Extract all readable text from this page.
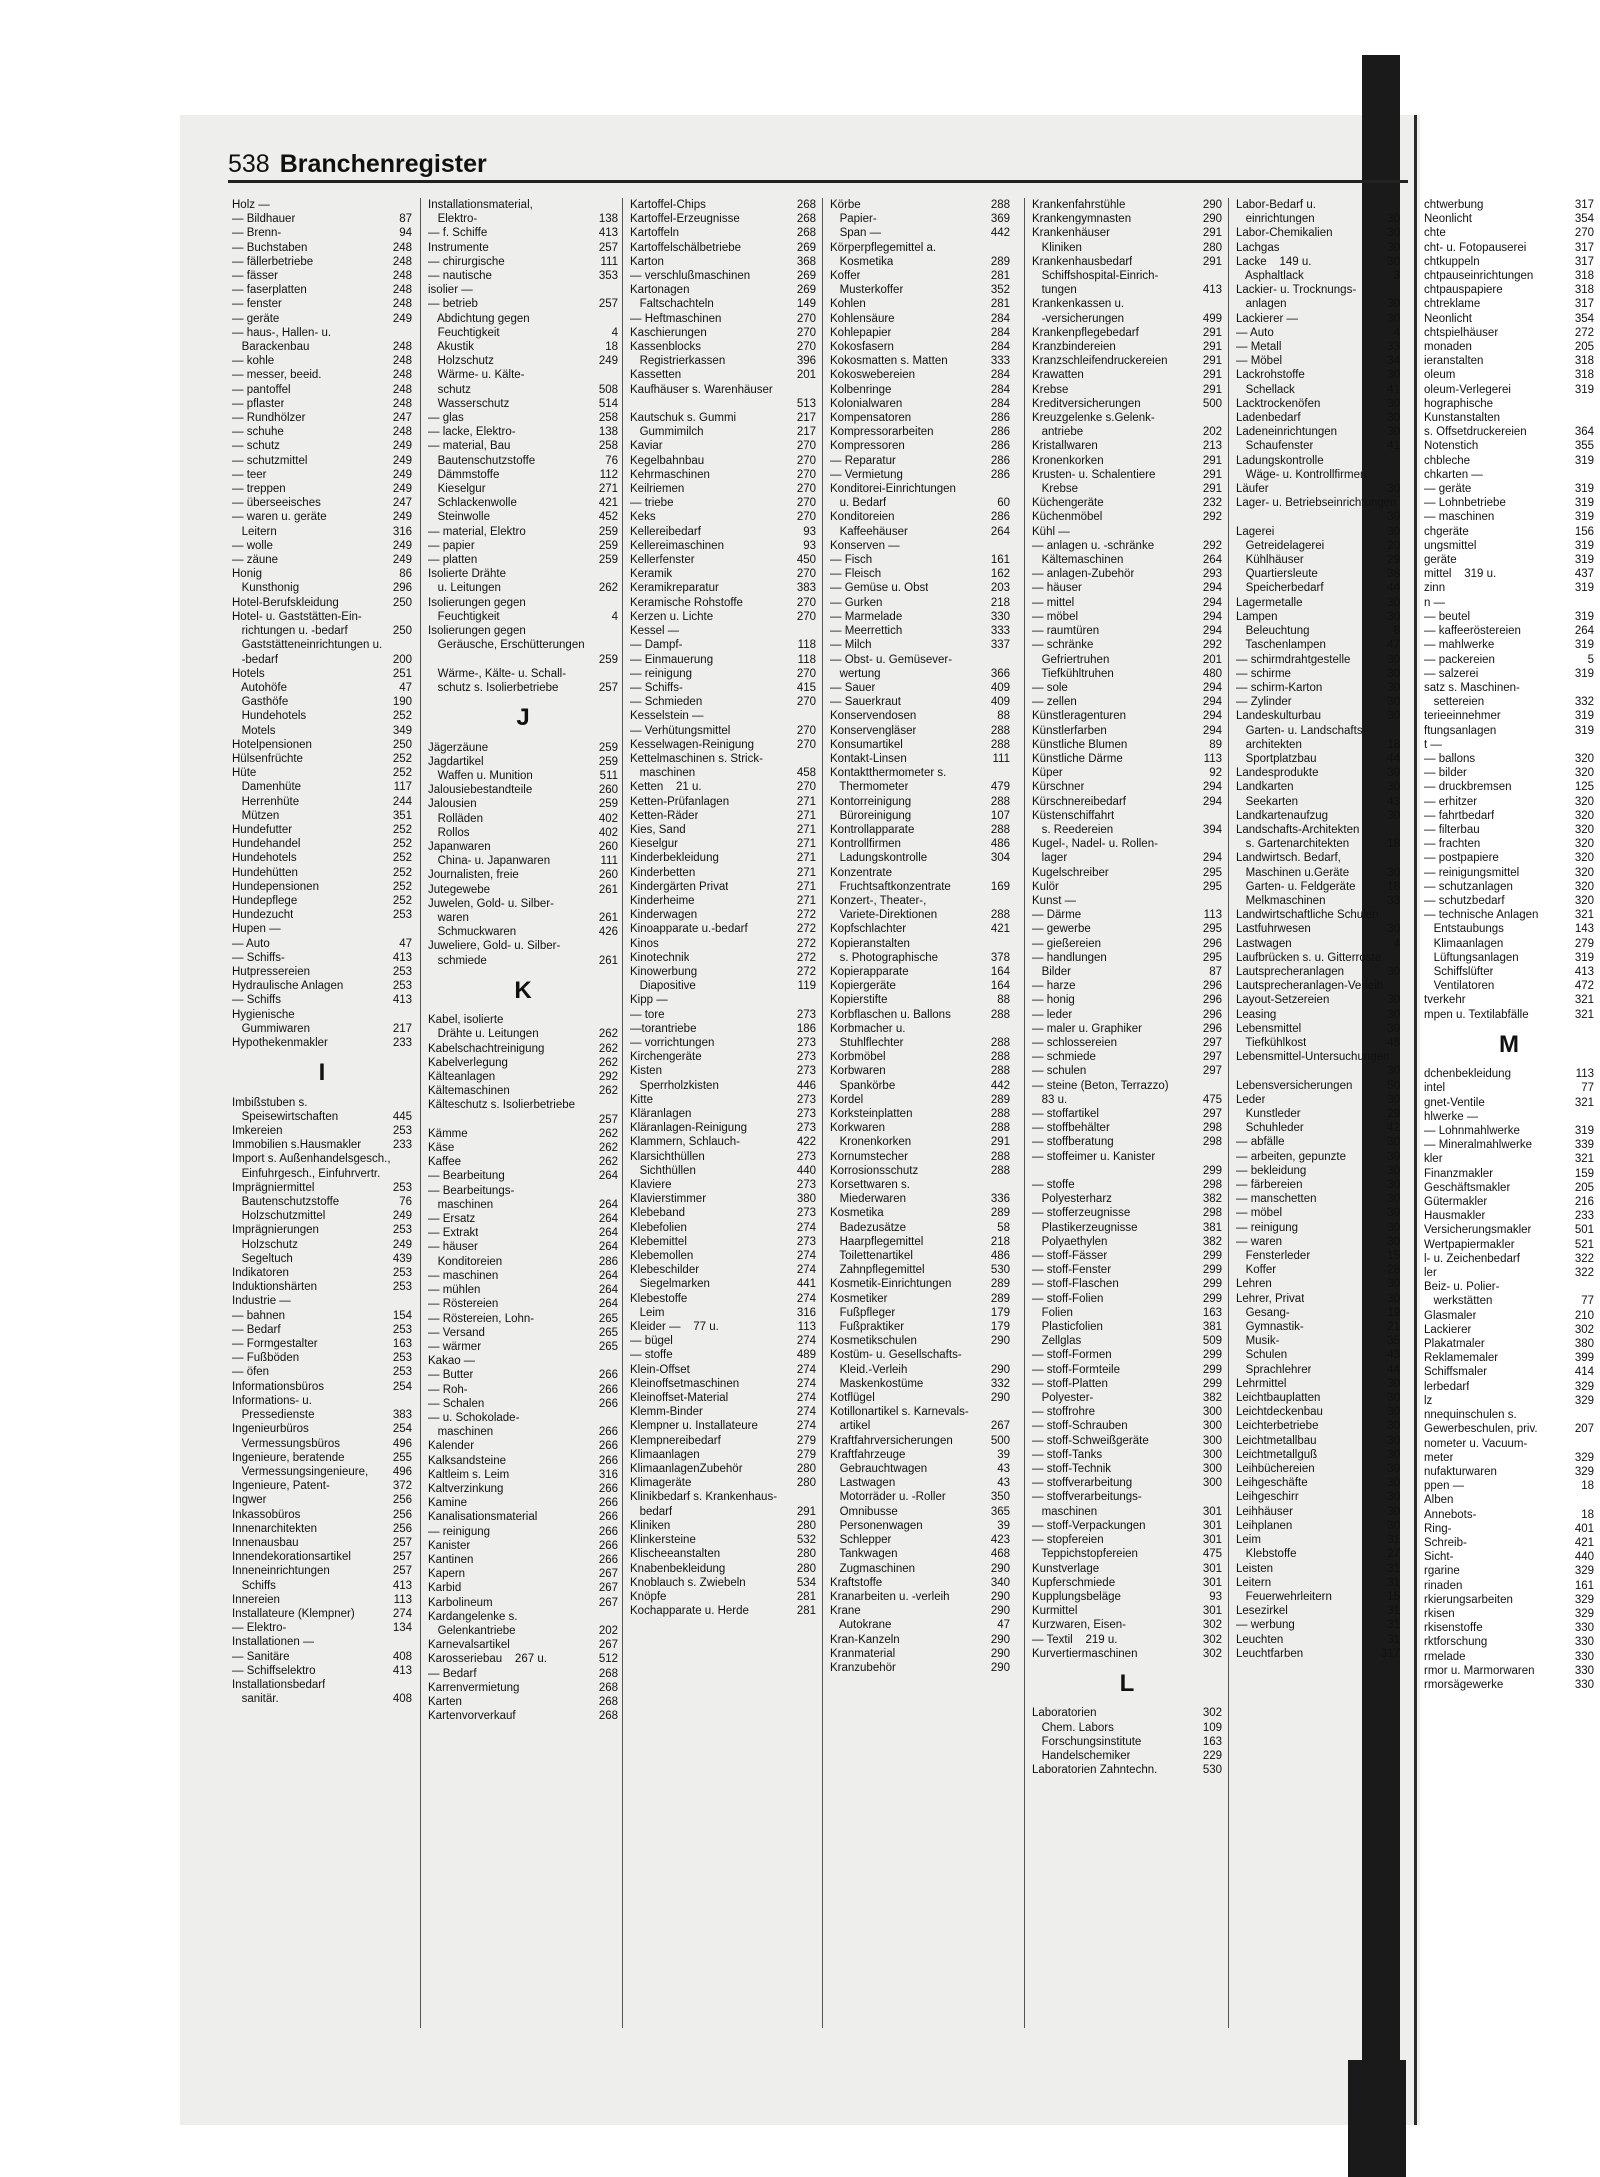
538 Branchenregister
Holz —
— Bildhauer	87
— Brenn-	94
— Buchstaben	248
— fällerbetriebe	248
— fässer	248
— faserplatten	248
— fenster	248
— geräte	249
— haus-, Hallen- u.
Barackenbau	248
— kohle	248
— messer, beeid.	248
— pantoffel	248
— pflaster	248
— Rundhölzer	247
— schuhe	248
— schutz	249
— schutzmittel	249
— teer	249
— treppen	249
— überseeisches	247
— waren u. geräte	249
Leitern	316
— wolle	249
— zäune	249
Honig	86
Kunsthonig	296
Hotel-Berufskleidung	250
Hotel- u. Gaststätten-Ein-
richtungen u. -bedarf	250
Gaststätteneinrichtungen u.
-bedarf	200
Hotels	251
Autohöfe	47
Gasthöfe	190
Hundehotels	252
Motels	349
Hotelpensionen	250
Hülsenfrüchte	252
Hüte	252
Damenhüte	117
Herrenhüte	244
Mützen	351
Hundefutter	252
Hundehandel	252
Hundehotels	252
Hundehütten	252
Hundepensionen	252
Hundepflege	252
Hundezucht	253
Hupen —
— Auto	47
— Schiffs-	413
Hutpressereien	253
Hydraulische Anlagen	253
— Schiffs	413
Hygienische
Gummiwaren	217
Hypothekenmakler	233
I
Imbißstuben s.
Speisewirtschaften	445
Imkereien	253
Immobilien s.Hausmakler	233
Import s. Außenhandelsgesch.,
Einfuhrgesch., Einfuhrvertr.
Imprägniermittel	253
Bautenschutzstoffe	76
Holzschutzmittel	249
Imprägnierungen	253
Holzschutz	249
Segeltuch	439
Indikatoren	253
Induktionshärten	253
Industrie —
— bahnen	154
— Bedarf	253
— Formgestalter	163
— Fußböden	253
— öfen	253
Informationsbüros	254
Informations- u.
Pressedienste	383
Ingenieurbüros	254
Vermessungsbüros	496
Ingenieure, beratende	255
Vermessungsingenieure, 496
Ingenieure, Patent-	372
Ingwer	256
Inkassobüros	256
Innenarchitekten	256
Innenausbau	257
Innendekorationsartikel	257
Inneneinrichtungen	257
Schiffs	413
Innereien	113
Installateure (Klempner)	274
— Elektro-	134
Installationen —
— Sanitäre	408
— Schiffselektro	413
Installationsbedarf
sanitär.	408
Installationsmaterial,
Elektro-	138
— f. Schiffe	413
Instrumente	257
— chirurgische	111
— nautische	353
isolier —
— betrieb	257
Abdichtung gegen
Feuchtigkeit	4
Akustik	18
Holzschutz	249
Wärme- u. Kälte-
schutz	508
Wasserschutz	514
— glas	258
— lacke, Elektro-	138
— material, Bau	258
Bautenschutzstoffe	76
Dämmstoffe	112
Kieselgur	271
Schlackenwolle	421
Steinwolle	452
— material, Elektro	259
— papier	259
— platten	259
Isolierte Drähte
u. Leitungen	262
Isolierungen gegen
Feuchtigkeit	4
Isolierungen gegen
Geräusche, Erschütterungen
259
Wärme-, Kälte- u. Schall-
schutz s. Isolierbetriebe	257
J
Jägerzäune	259
Jagdartikel	259
Waffen u. Munition	511
Jalousiebestandteile	260
Jalousien	259
Rolläden	402
Rollos	402
Japanwaren	260
China- u. Japanwaren	111
Journalisten, freie	260
Jutegewebe	261
Juwelen, Gold- u. Silber-
waren	261
Schmuckwaren	426
Juweliere, Gold- u. Silber-
schmiede	261
K
Kabel, isolierte
Drähte u. Leitungen	262
Kabelschachtreinigung	262
Kabelverlegung	262
Kälteanlagen	292
Kältemaschinen	262
Kälteschutz s. Isolierbetriebe
257
Kämme	262
Käse	262
Kaffee	262
— Bearbeitung	264
— Bearbeitungs-
maschinen	264
— Ersatz	264
— Extrakt	264
— häuser	264
Konditoreien	286
— maschinen	264
— mühlen	264
— Röstereien	264
— Röstereien, Lohn-	265
— Versand	265
— wärmer	265
Kakao —
— Butter	266
— Roh-	266
— Schalen	266
— u. Schokolade-
maschinen	266
Kalender	266
Kalksandsteine	266
Kaltleim s. Leim	316
Kaltverzinkung	266
Kamine	266
Kanalisationsmaterial	266
— reinigung	266
Kanister	266
Kantinen	266
Kapern	267
Karbid	267
Karbolineum	267
Kardangelenke s.
Gelenkantriebe	202
Karnevalsartikel	267
Karosseriebau    267 u.	512
— Bedarf	268
Karrenvermietung	268
Karten	268
Kartenvorverkauf	268
Kartoffel-Chips	268
Kartoffel-Erzeugnisse	268
Kartoffeln	268
Kartoffelschälbetriebe	269
Karton	368
— verschlußmaschinen	269
Kartonagen	269
Faltschachteln	149
— Heftmaschinen	270
Kaschierungen	270
Kassenblocks	270
Registrierkassen	396
Kassetten	201
Kaufhäuser s. Warenhäuser
513
Kautschuk s. Gummi	217
Gummimilch	217
Kaviar	270
Kegelbahnbau	270
Kehrmaschinen	270
Keilriemen	270
— triebe	270
Keks	270
Kellereibedarf	93
Kellereimaschinen	93
Kellerfenster	450
Keramik	270
Keramikreparatur	383
Keramische Rohstoffe	270
Kerzen u. Lichte	270
Kessel —
— Dampf-	118
— Einmauerung	118
— reinigung	270
— Schiffs-	415
— Schmieden	270
Kesselstein —
— Verhütungsmittel	270
Kesselwagen-Reinigung	270
Kettelmaschinen s. Strick-
maschinen	458
Ketten    21 u.	270
Ketten-Prüfanlagen	271
Ketten-Räder	271
Kies, Sand	271
Kieselgur	271
Kinderbekleidung	271
Kinderbetten	271
Kindergärten Privat	271
Kinderheime	271
Kinderwagen	272
Kinoapparate u.-bedarf	272
Kinos	272
Kinotechnik	272
Kinowerbung	272
Diapositive	119
Kipp —
— tore	273
—torantriebe	186
— vorrichtungen	273
Kirchengeräte	273
Kisten	273
Sperrholzkisten	446
Kitte	273
Kläranlagen	273
Kläranlagen-Reinigung	273
Klammern, Schlauch-	422
Klarsichthüllen	273
Sichthüllen	440
Klaviere	273
Klavierstimmer	380
Klebeband	273
Klebefolien	274
Klebemittel	273
Klebemollen	274
Klebeschilder	274
Siegelmarken	441
Klebestoffe	274
Leim	316
Kleider —    77 u.	113
— bügel	274
— stoffe	489
Klein-Offset	274
Kleinoffsetmaschinen	274
Kleinoffset-Material	274
Klemm-Binder	274
Klempner u. Installateure	274
Klempnereibedarf	279
Klimaanlagen	279
KlimaanlagenZubehör	280
Klimageräte	280
Klinikbedarf s. Krankenhaus-
bedarf	291
Kliniken	280
Klinkersteine	532
Klischeeanstalten	280
Knabenbekleidung	280
Knoblauch s. Zwiebeln	534
Knöpfe	281
Kochapparate u. Herde	281
Körbe	288
Papier-	369
Span —	442
Körperpflegemittel a.
Kosmetika	289
Koffer	281
Musterkoffer	352
Kohlen	281
Kohlensäure	284
Kohlepapier	284
Kokosfasern	284
Kokosmatten s. Matten	333
Kokoswebereien	284
Kolbenringe	284
Kolonialwaren	284
Kompensatoren	286
Kompressorarbeiten	286
Kompressoren	286
— Reparatur	286
— Vermietung	286
Konditorei-Einrichtungen
u. Bedarf	60
Konditoreien	286
Kaffeehäuser	264
Konserven —
— Fisch	161
— Fleisch	162
— Gemüse u. Obst	203
— Gurken	218
— Marmelade	330
— Meerrettich	333
— Milch	337
— Obst- u. Gemüsever-
wertung	366
— Sauer	409
— Sauerkraut	409
Konservendosen	88
Konservengläser	288
Konsumartikel	288
Kontakt-Linsen	111
Kontaktthermometer s.
Thermometer	479
Kontorreinigung	288
Büroreinigung	107
Kontrollapparate	288
Kontrollfirmen	486
Ladungskontrolle	304
Konzentrate
Fruchtsaftkonzentrate	169
Konzert-, Theater-,
Variete-Direktionen	288
Kopfschlachter	421
Kopieranstalten
s. Photographische	378
Kopierapparate	164
Kopiergeräte	164
Kopierstifte	88
Korbflaschen u. Ballons	288
Korbmacher u.
Stuhlflechter	288
Korbmöbel	288
Korbwaren	288
Spankörbe	442
Kordel	289
Korksteinplatten	288
Korkwaren	288
Kronenkorken	291
Kornumstecher	288
Korrosionsschutz	288
Korsettwaren s.
Miederwaren	336
Kosmetika	289
Badezusätze	58
Haarpflegemittel	218
Toilettenartikel	486
Zahnpflegemittel	530
Kosmetik-Einrichtungen	289
Kosmetiker	289
Fußpfleger	179
Fußpraktiker	179
Kosmetikschulen	290
Kostüm- u. Gesellschafts-
Kleid.-Verleih	290
Maskenkostüme	332
Kotflügel	290
Kotillonartikel s. Karnevals-
artikel	267
Kraftfahrversicherungen	500
Kraftfahrzeuge	39
Gebrauchtwagen	43
Lastwagen	43
Motorräder u. -Roller	350
Omnibusse	365
Personenwagen	39
Schlepper	423
Tankwagen	468
Zugmaschinen	290
Kraftstoffe	340
Kranarbeiten u. -verleih	290
Krane	290
Autokrane	47
Kran-Kanzeln	290
Kranmaterial	290
Kranzubehör	290
Krankenfahrstühle	290
Krankengymnasten	290
Krankenhäuser	291
Kliniken	280
Krankenhausbedarf	291
Schiffshospital-Einrich-
tungen	413
Krankenkassen u.
-versicherungen	499
Krankenpflegebedarf	291
Kranzbindereien	291
Kranzschleifendruckereien	291
Krawatten	291
Krebse	291
Kreditversicherungen	500
Kreuzgelenke s.Gelenk-
antriebe	202
Kristallwaren	213
Kronenkorken	291
Krusten- u. Schalentiere	291
Krebse	291
Küchengeräte	232
Küchenmöbel	292
Kühl —
— anlagen u. -schränke	292
Kältemaschinen	264
— anlagen-Zubehör	293
— häuser	294
— mittel	294
— möbel	294
— raumtüren	294
— schränke	292
Gefriertruhen	201
Tiefkühltruhen	480
— sole	294
— zellen	294
Künstleragenturen	294
Künstlerfarben	294
Künstliche Blumen	89
Künstliche Därme	113
Küper	92
Kürschner	294
Kürschnereibedarf	294
Küstenschiffahrt
s. Reedereien	394
Kugel-, Nadel- u. Rollen-
lager	294
Kugelschreiber	295
Kulör	295
Kunst —
— Därme	113
— gewerbe	295
— gießereien	296
— handlungen	295
Bilder	87
— harze	296
— honig	296
— leder	296
— maler u. Graphiker	296
— schlossereien	297
— schmiede	297
— schulen	297
— steine (Beton, Terrazzo)
83 u.	475
— stoffartikel	297
— stoffbehälter	298
— stoffberatung	298
— stoffeimer u. Kanister
299
— stoffe	298
Polyesterharz	382
— stofferzeugnisse	298
Plastikerzeugnisse	381
Polyaethylen	382
— stoff-Fässer	299
— stoff-Fenster	299
— stoff-Flaschen	299
— stoff-Folien	299
Folien	163
Plasticfolien	381
Zellglas	509
— stoff-Formen	299
— stoff-Formteile	299
— stoff-Platten	299
Polyester-	382
— stoffrohre	300
— stoff-Schrauben	300
— stoff-Schweißgeräte	300
— stoff-Tanks	300
— stoff-Technik	300
— stoffverarbeitung	300
— stoffverarbeitungs-
maschinen	301
— stoff-Verpackungen	301
— stopfereien	301
Teppichstopfereien	475
Kunstverlage	301
Kupferschmiede	301
Kupplungsbeläge	93
Kurmittel	301
Kurzwaren, Eisen-	302
— Textil    219 u.	302
Kurvertiermaschinen	302
L
Laboratorien	302
Chem. Labors	109
Forschungsinstitute	163
Handelschemiker	229
Laboratorien Zahntechn.	530
Labor-Bedarf u.
einrichtungen	30
Labor-Chemikalien	30
Lachgas	30
Lacke    149 u.	30
Asphaltlack	3
Lackier- u. Trocknungs-
anlagen	30
Lackierer —	30
— Auto	4
— Metall	33
— Möbel	34
Lackrohstoffe	30
Schellack	41
Lacktrockenöfen	30
Ladenbedarf	30
Ladeneinrichtungen	30
Schaufenster	41
Ladungskontrolle
Wäge- u. Kontrollfirmen
Läufer	30
Lager- u. Betriebseinrichtungen
30
Lagerei	30
Getreidelagerei	20
Kühlhäuser	29
Quartiersleute	38
Speicherbedarf	44
Lagermetalle	30
Lampen	30
Beleuchtung	8
Taschenlampen	47
— schirmdrahtgestelle	30
— schirme	30
— schirm-Karton	30
— Zylinder	30
Landeskulturbau	30
Garten- u. Landschafts-
architekten	18
Sportplatzbau	44
Landesprodukte	30
Landkarten	30
Seekarten	43
Landkartenaufzug	30
Landschafts-Architekten
s. Gartenarchitekten	18
Landwirtsch. Bedarf,
Maschinen u.Geräte	30
Garten- u. Feldgeräte	18
Melkmaschinen	33
Landwirtschaftliche Schulen
Lastfuhrwesen	30
Lastwagen	4
Laufbrücken s. u. Gitterroste
Lautsprecheranlagen	30
Lautsprecheranlagen-Verleih
Layout-Setzereien	30
Leasing	30
Lebensmittel	30
Tiefkühlkost	48
Lebensmittel-Untersuchungen
30
Lebensversicherungen	50
Leder	30
Kunstleder	29
Schuhleder	42
— abfälle	30
— arbeiten, gepunzte	30
— bekleidung	30
— färbereien	30
— manschetten	30
— möbel	30
— reinigung	30
— waren	30
Fensterleder	15
Koffer	28
Lehren	30
Lehrer, Privat	30
Gesang-	19
Gymnastik-	21
Musik-	35
Schulen	43
Sprachlehrer	44
Lehrmittel	30
Leichtbauplatten	30
Leichtdeckenbau	30
Leichterbetriebe	30
Leichtmetallbau	30
Leichtmetallguß	30
Leihbüchereien	30
Leihgeschäfte	30
Leihgeschirr	30
Leihhäuser	30
Leihplanen	30
Leim	31
Klebstoffe	27
Leisten	31
Leitern	31
Feuerwehrleitern	15
Lesezirkel	31
— werbung	31
Leuchten	31
Leuchtfarben	317
chtwerbung	317
Neonlicht	354
chte	270
cht- u. Fotopauserei	317
chtkuppeln	317
chtpauseinrichtungen	318
chtpauspapiere	318
chtreklame	317
Neonlicht	354
chtspielhäuser	272
monaden	205
ieranstalten	318
oleum	318
oleum-Verlegerei	319
hographische
Kunstanstalten
s. Offsetdruckereien	364
Notenstich	355
chbleche	319
chkarten —
— geräte	319
— Lohnbetriebe	319
— maschinen	319
chgeräte	156
ungsmittel	319
geräte	319
mittel    319 u.	437
zinn	319
n —
— beutel	319
— kaffeeröstereien	264
— mahlwerke	319
— packereien	5
— salzerei	319
satz s. Maschinen-
settereien	332
terieeinnehmer	319
ftungsanlagen	319
t —
— ballons	320
— bilder	320
— druckbremsen	125
— erhitzer	320
— fahrtbedarf	320
— filterbau	320
— frachten	320
— postpapiere	320
— reinigungsmittel	320
— schutzanlagen	320
— schutzbedarf	320
— technische Anlagen	321
Entstaubungs	143
Klimaanlagen	279
Lüftungsanlagen	319
Schiffslüfter	413
Ventilatoren	472
tverkehr	321
mpen u. Textilabfälle	321
M
dchenbekleidung	113
intel	77
gnet-Ventile	321
hlwerke —
— Lohnmahlwerke	319
— Mineralmahlwerke	339
kler	321
Finanzmakler	159
Geschäftsmakler	205
Gütermakler	216
Hausmakler	233
Versicherungsmakler	501
Wertpapiermakler	521
l- u. Zeichenbedarf	322
ler	322
Beiz- u. Polier-
werkstätten	77
Glasmaler	210
Lackierer	302
Plakatmaler	380
Reklamemaler	399
Schiffsmaler	414
lerbedarf	329
lz	329
nnequinschulen s.
Gewerbeschulen, priv.	207
nometer u. Vacuum-
meter	329
nufakturwaren	329
ppen —	18
Alben
Annebots-	18
Ring-	401
Schreib-	421
Sicht-	440
rgarine	329
rinaden	161
rkierungsarbeiten	329
rkisen	329
rkisenstoffe	330
rktforschung	330
rmelade	330
rmor u. Marmorwaren	330
rmorsägewerke	330
